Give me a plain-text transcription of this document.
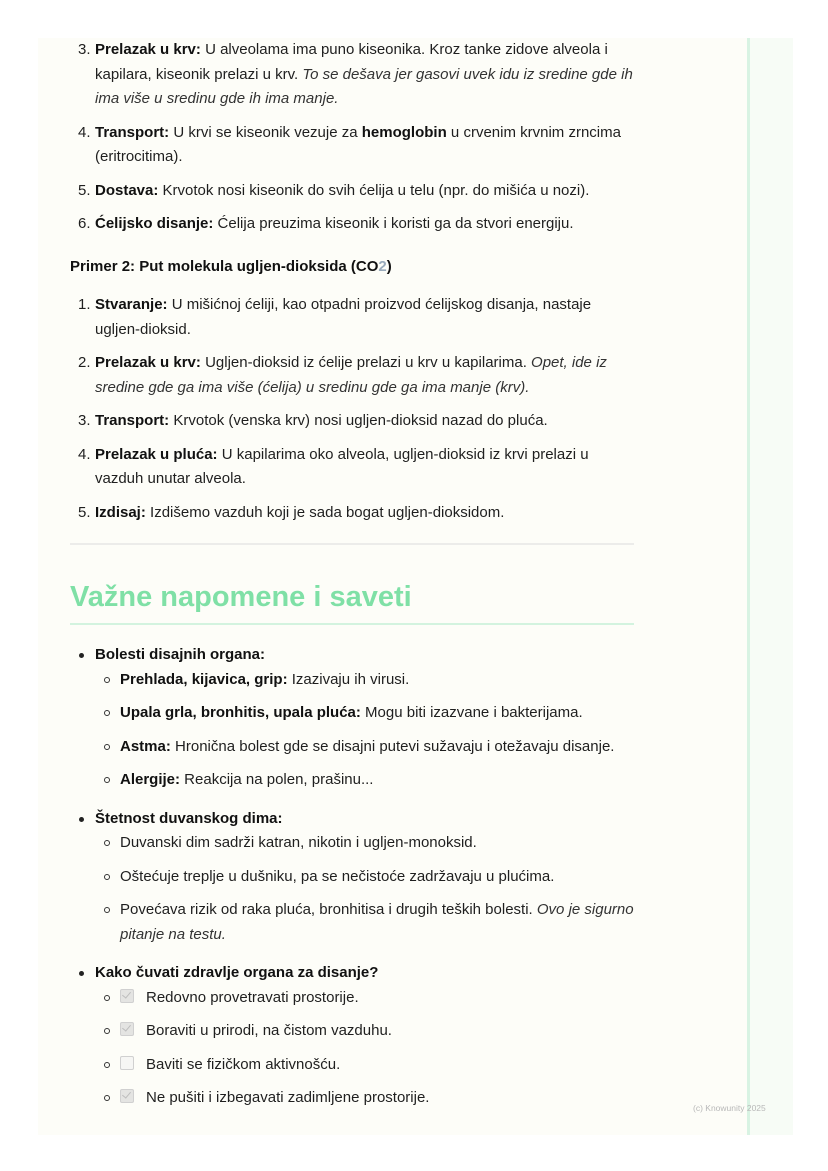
3. Prelazak u krv: U alveolama ima puno kiseonika. Kroz tanke zidove alveola i kapilara, kiseonik prelazi u krv. To se dešava jer gasovi uvek idu iz sredine gde ih ima više u sredinu gde ih ima manje.
4. Transport: U krvi se kiseonik vezuje za hemoglobin u crvenim krvnim zrncima (eritrocitima).
5. Dostava: Krvotok nosi kiseonik do svih ćelija u telu (npr. do mišića u nozi).
6. Ćelijsko disanje: Ćelija preuzima kiseonik i koristi ga da stvori energiju.
Primer 2: Put molekula ugljen-dioksida (CO2)
1. Stvaranje: U mišićnoj ćeliji, kao otpadni proizvod ćelijskog disanja, nastaje ugljen-dioksid.
2. Prelazak u krv: Ugljen-dioksid iz ćelije prelazi u krv u kapilarima. Opet, ide iz sredine gde ga ima više (ćelija) u sredinu gde ga ima manje (krv).
3. Transport: Krvotok (venska krv) nosi ugljen-dioksid nazad do pluća.
4. Prelazak u pluća: U kapilarima oko alveola, ugljen-dioksid iz krvi prelazi u vazduh unutar alveola.
5. Izdisaj: Izdišemo vazduh koji je sada bogat ugljen-dioksidom.
Važne napomene i saveti
Bolesti disajnih organa:
Prehlada, kijavica, grip: Izazivaju ih virusi.
Upala grla, bronhitis, upala pluća: Mogu biti izazvane i bakterijama.
Astma: Hronična bolest gde se disajni putevi sužavaju i otežavaju disanje.
Alergije: Reakcija na polen, prašinu...
Štetnost duvanskog dima:
Duvanski dim sadrži katran, nikotin i ugljen-monoksid.
Oštećuje treplje u dušniku, pa se nečistoće zadržavaju u plućima.
Povećava rizik od raka pluća, bronhitisa i drugih teških bolesti. Ovo je sigurno pitanje na testu.
Kako čuvati zdravlje organa za disanje?
Redovno provetravati prostorije.
Boraviti u prirodi, na čistom vazduhu.
Baviti se fizičkom aktivnošću.
Ne pušiti i izbegavati zadimljene prostorije.
(c) Knowunity 2025
